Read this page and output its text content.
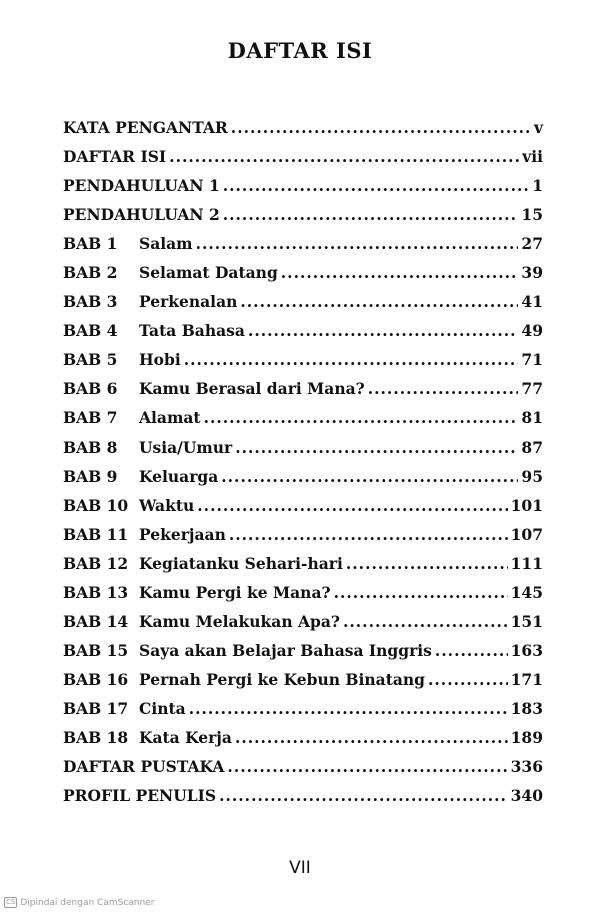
DAFTAR ISI
KATA PENGANTAR .....	v
DAFTAR ISI .....	vii
PENDAHULUAN 1 .....	1
PENDAHULUAN 2 .....	15
BAB 1	Salam .....	27
BAB 2	Selamat Datang .....	39
BAB 3	Perkenalan .....	41
BAB 4	Tata Bahasa .....	49
BAB 5	Hobi .....	71
BAB 6	Kamu Berasal dari Mana? .....	77
BAB 7	Alamat .....	81
BAB 8	Usia/Umur .....	87
BAB 9	Keluarga .....	95
BAB 10 Waktu .....	101
BAB 11 Pekerjaan .....	107
BAB 12 Kegiatanku Sehari-hari .....	111
BAB 13 Kamu Pergi ke Mana? .....	145
BAB 14 Kamu Melakukan Apa? .....	151
BAB 15 Saya akan Belajar Bahasa Inggris .....	163
BAB 16 Pernah Pergi ke Kebun Binatang .....	171
BAB 17 Cinta .....	183
BAB 18 Kata Kerja .....	189
DAFTAR PUSTAKA .....	336
PROFIL PENULIS .....	340
VII
CS Dipindai dengan CamScanner
